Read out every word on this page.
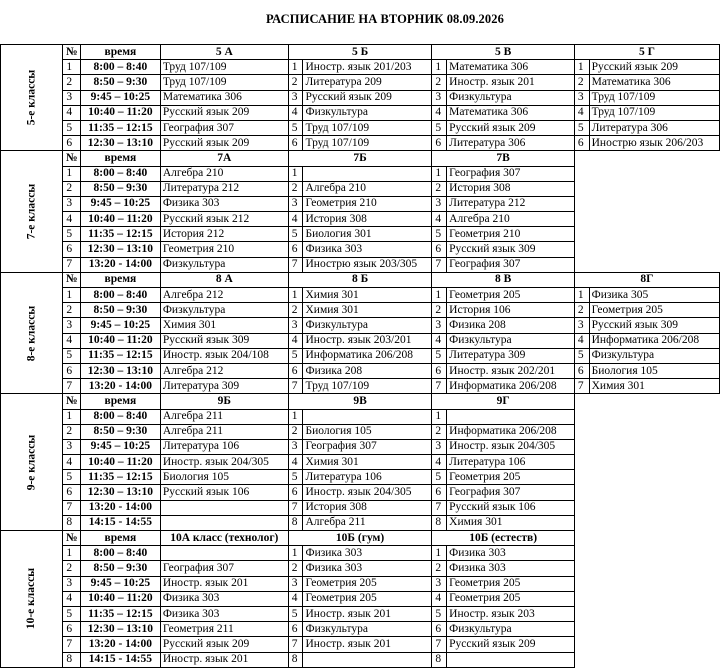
РАСПИСАНИЕ НА ВТОРНИК 08.09.2026
5-е классы	№	время	5 А	5 Б		5 В		5 Г	
	1	8:00 – 8:40	Труд 107/109	1	Иностр. язык 201/203	1	Математика 306	1	Русский язык 209
	2	8:50 – 9:30	Труд 107/109	2	Литература 209	2	Иностр. язык 201	2	Математика 306
	3	9:45 – 10:25	Математика 306	3	Русский язык 209	3	Физкультура	3	Труд 107/109
	4	10:40 – 11:20	Русский язык 209	4	Физкультура	4	Математика 306	4	Труд 107/109
	5	11:35 – 12:15	География 307	5	Труд 107/109	5	Русский язык 209	5	Литература 306
	6	12:30 – 13:10	Русский язык 209	6	Труд 107/109	6	Литература 306	6	Инострю язык 206/203
7-е классы	№	время	7А	7Б		7В			
	1	8:00 – 8:40	Алгебра 210	1		1	География 307		
	2	8:50 – 9:30	Литература 212	2	Алгебра 210	2	История 308		
	3	9:45 – 10:25	Физика 303	3	Геометрия 210	3	Литература 212		
	4	10:40 – 11:20	Русский язык 212	4	История 308	4	Алгебра 210		
	5	11:35 – 12:15	История 212	5	Биология 301	5	Геометрия 210		
	6	12:30 – 13:10	Геометрия 210	6	Физика 303	6	Русский язык 309		
	7	13:20 - 14:00	Физкультура	7	Инострю язык 203/305	7	География 307		
8-е классы	№	время	8 А	8 Б		8 В		8Г	
	1	8:00 – 8:40	Алгебра 212	1	Химия 301	1	Геометрия 205	1	Физика 305
	2	8:50 – 9:30	Физкультура	2	Химия 301	2	История 106	2	Геометрия 205
	3	9:45 – 10:25	Химия 301	3	Физкультура	3	Физика 208	3	Русский язык 309
	4	10:40 – 11:20	Русский язык 309	4	Иностр. язык 203/201	4	Физкультура	4	Информатика 206/208
	5	11:35 – 12:15	Иностр. язык 204/108	5	Информатика 206/208	5	Литература 309	5	Физкультура
	6	12:30 – 13:10	Алгебра 212	6	Физика 208	6	Иностр. язык 202/201	6	Биология 105
	7	13:20 - 14:00	Литература 309	7	Труд 107/109	7	Информатика 206/208	7	Химия 301
9-е классы	№	время	9Б	9В		9Г			
	1	8:00 – 8:40	Алгебра 211	1		1			
	2	8:50 – 9:30	Алгебра 211	2	Биология 105	2	Информатика 206/208		
	3	9:45 – 10:25	Литература 106	3	География 307	3	Иностр. язык 204/305		
	4	10:40 – 11:20	Иностр. язык 204/305	4	Химия 301	4	Литература 106		
	5	11:35 – 12:15	Биология 105	5	Литература 106	5	Геометрия 205		
	6	12:30 – 13:10	Русский язык 106	6	Иностр. язык 204/305	6	География 307		
	7	13:20 - 14:00		7	История 308	7	Русский язык 106		
	8	14:15 - 14:55		8	Алгебра 211	8	Химия 301		
10-е классы	№	время	10А класс (технолог)	10Б (гум)		10Б (естеств)			
	1	8:00 – 8:40		1	Физика 303	1	Физика 303		
	2	8:50 – 9:30	География 307	2	Физика 303	2	Физика 303		
	3	9:45 – 10:25	Иностр. язык 201	3	Геометрия 205	3	Геометрия 205		
	4	10:40 – 11:20	Физика 303	4	Геометрия 205	4	Геометрия 205		
	5	11:35 – 12:15	Физика 303	5	Иностр. язык 201	5	Иностр. язык 203		
	6	12:30 – 13:10	Геометрия 211	6	Физкультура	6	Физкультура		
	7	13:20 - 14:00	Русский язык 209	7	Иностр. язык 201	7	Русский язык 209		
	8	14:15 - 14:55	Иностр. язык 201	8		8			
